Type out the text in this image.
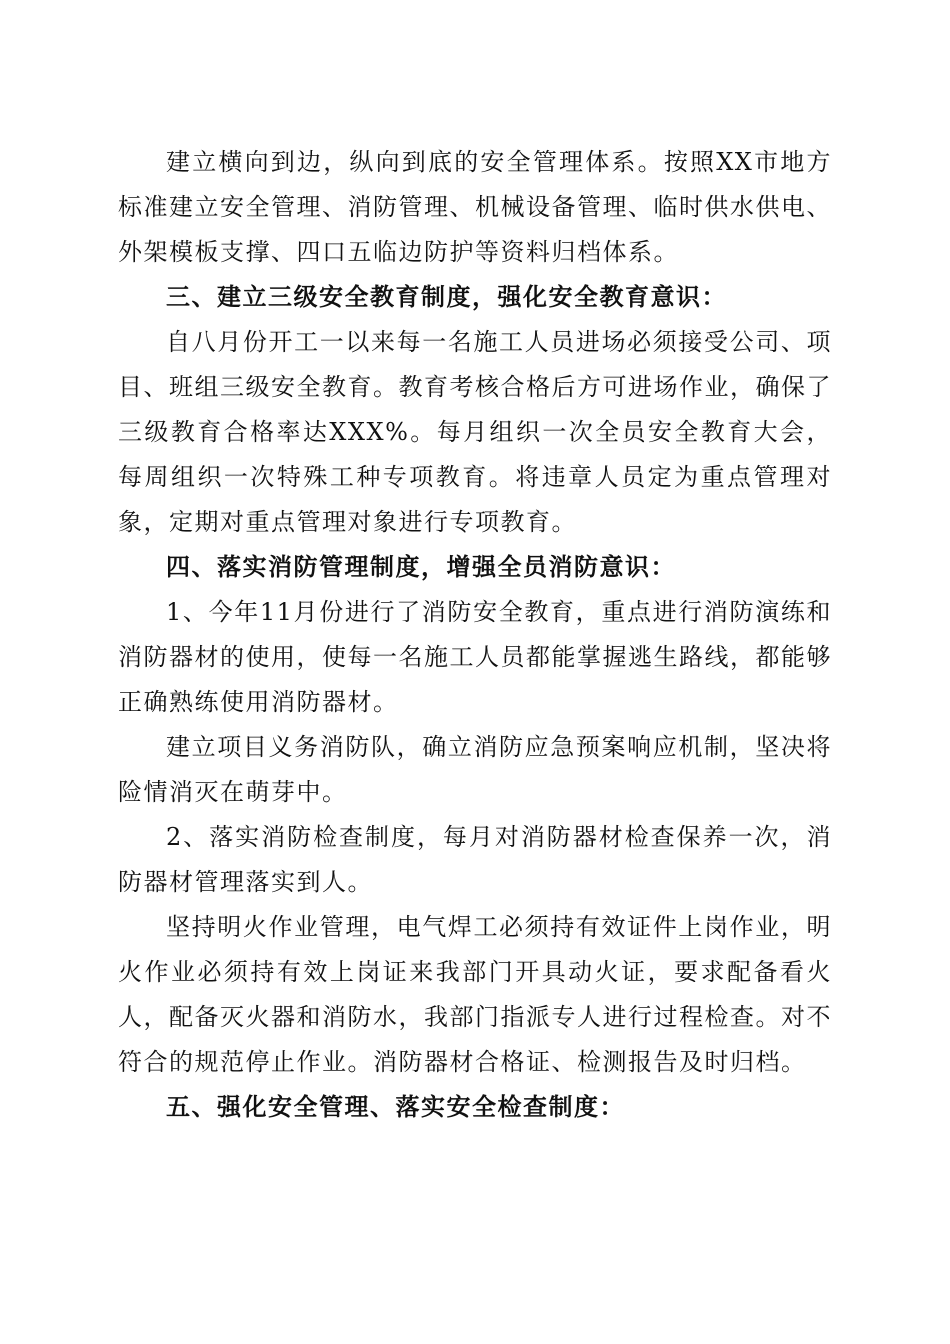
建立横向到边，纵向到底的安全管理体系。按照XX市地方标准建立安全管理、消防管理、机械设备管理、临时供水供电、外架模板支撑、四口五临边防护等资料归档体系。

三、建立三级安全教育制度，强化安全教育意识：

自八月份开工一以来每一名施工人员进场必须接受公司、项目、班组三级安全教育。教育考核合格后方可进场作业，确保了三级教育合格率达XXX%。每月组织一次全员安全教育大会，每周组织一次特殊工种专项教育。将违章人员定为重点管理对象，定期对重点管理对象进行专项教育。

四、落实消防管理制度，增强全员消防意识：

1、今年11月份进行了消防安全教育，重点进行消防演练和消防器材的使用，使每一名施工人员都能掌握逃生路线，都能够正确熟练使用消防器材。

建立项目义务消防队，确立消防应急预案响应机制，坚决将险情消灭在萌芽中。

2、落实消防检查制度，每月对消防器材检查保养一次，消防器材管理落实到人。

坚持明火作业管理，电气焊工必须持有效证件上岗作业，明火作业必须持有效上岗证来我部门开具动火证，要求配备看火人，配备灭火器和消防水，我部门指派专人进行过程检查。对不符合的规范停止作业。消防器材合格证、检测报告及时归档。

五、强化安全管理、落实安全检查制度：
